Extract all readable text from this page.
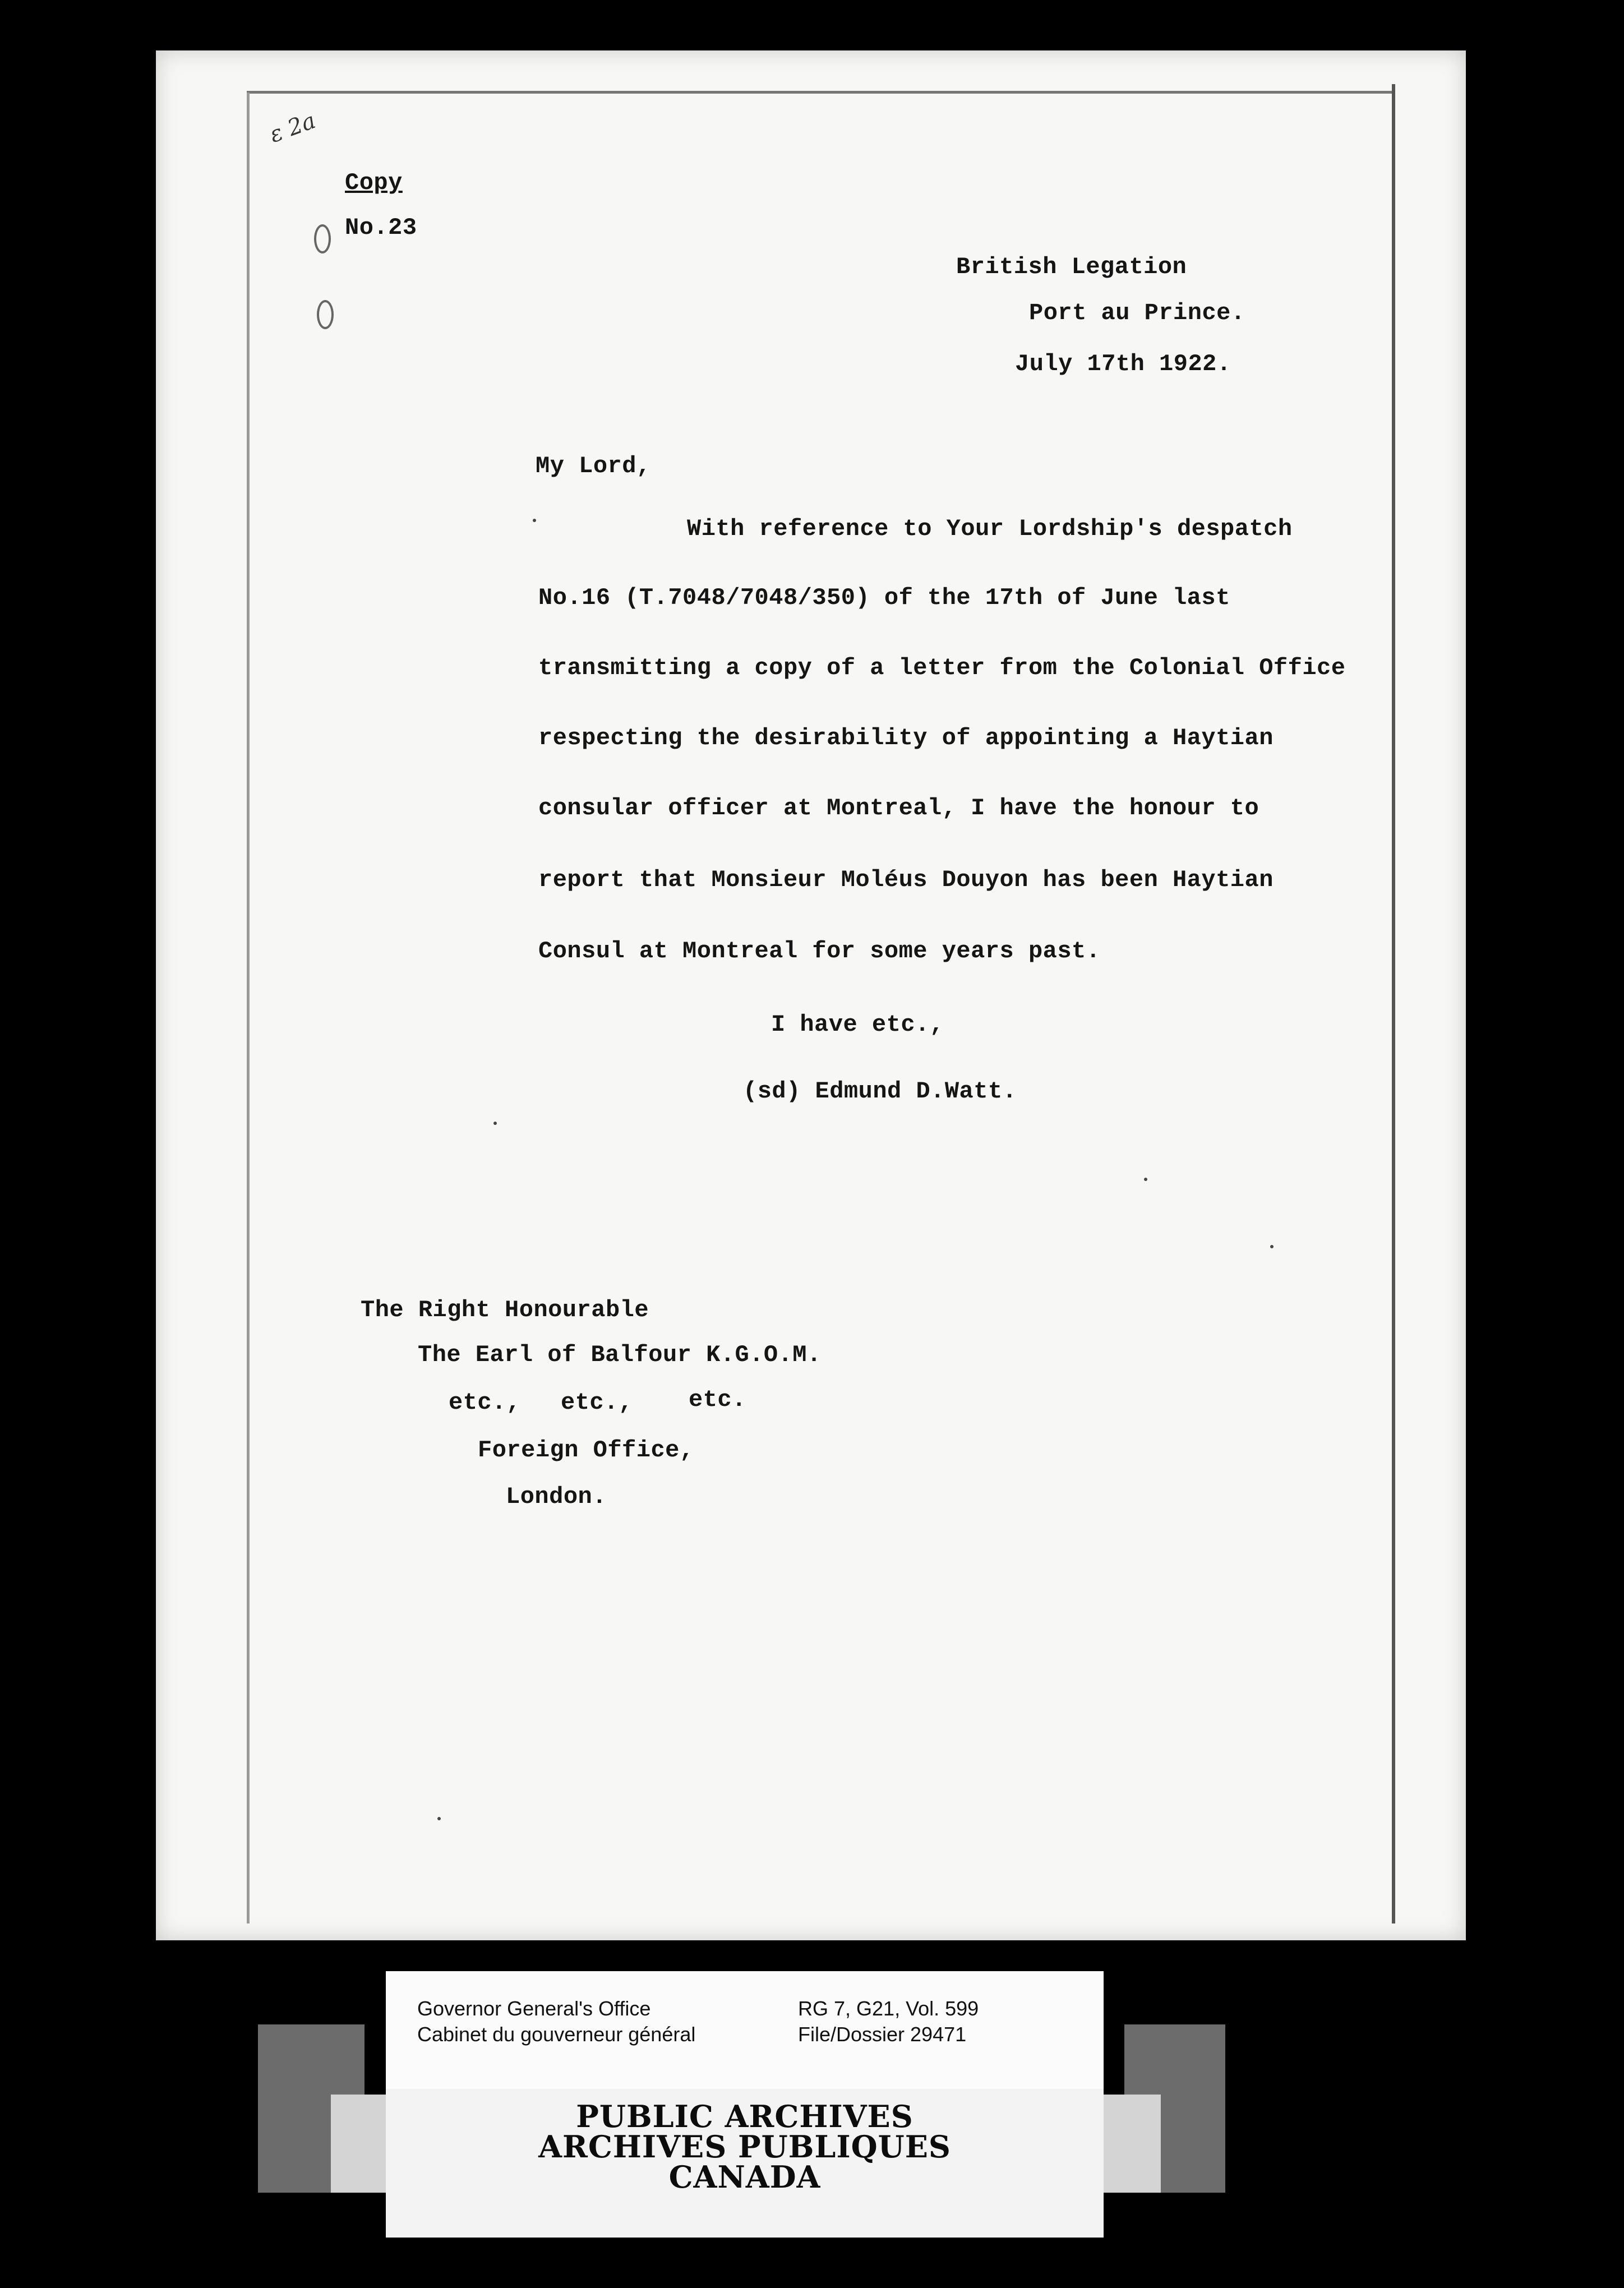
ε 2a
Copy
No.23
British Legation
Port au Prince.
July 17th 1922.
My Lord,
With reference to Your Lordship's despatch
No.16 (T.7048/7048/350) of the 17th of June last
transmitting a copy of a letter from the Colonial Office
respecting the desirability of appointing a Haytian
consular officer at Montreal, I have the honour to
report that Monsieur Moléus Douyon has been Haytian
Consul at Montreal for some years past.
I have etc.,
(sd) Edmund D.Watt.
The Right Honourable
The Earl of Balfour K.G.O.M.
etc., etc., etc.
Foreign Office,
London.
Governor General's Office
Cabinet du gouverneur général
RG 7, G21, Vol. 599
File/Dossier 29471
PUBLIC ARCHIVES
ARCHIVES PUBLIQUES
CANADA
